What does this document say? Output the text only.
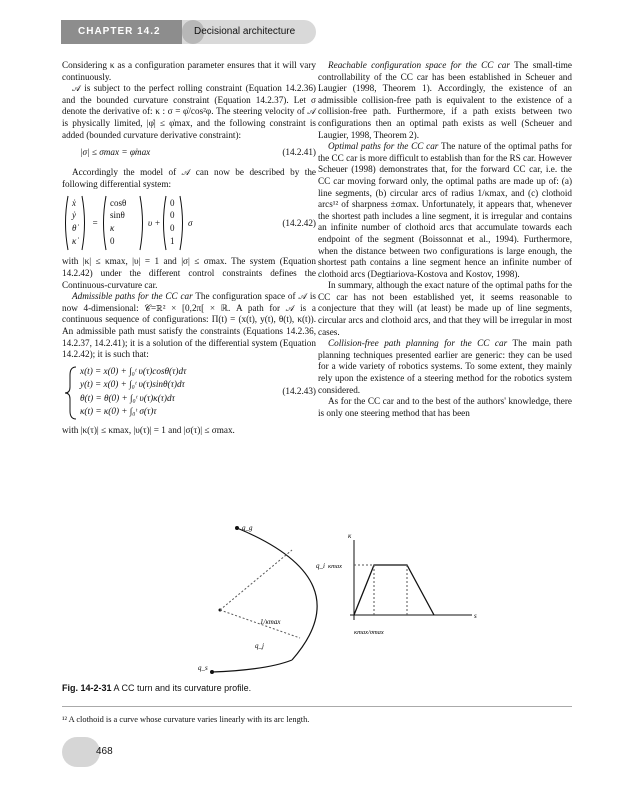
CHAPTER 14.2	Decisional architecture

Considering κ as a configuration parameter ensures that it will vary continuously.

𝒜 is subject to the perfect rolling constraint (Equation 14.2.36) and the bounded curvature constraint (Equation 14.2.37). Let σ denote the derivative of: κ : σ = φ̇/cos²φ. The steering velocity of 𝒜 is physically limited, |φ̇| ≤ φ̇max, and the following constraint is added (bounded curvature derivative constraint):

|σ| ≤ σmax = φ̇max	(14.2.41)

Accordingly the model of 𝒜 can now be described by the following differential system:

ẋ
ẏ
θ̇
κ̇
=
cosθ
sinθ
κ
0
υ +
0
0
0
1
σ	(14.2.42)

with |κ| ≤ κmax, |υ| = 1 and |σ| ≤ σmax. The system (Equation 14.2.42) under the different control constraints defines the Continuous-curvature car.

Admissible paths for the CC car The configuration space of 𝒜 is now 4-dimensional: 𝒞=ℝ² × [0,2π[ × ℝ. A path for 𝒜 is a continuous sequence of configurations: Π(t) = (x(t), y(t), θ(t), κ(t)). An admissible path must satisfy the constraints (Equations 14.2.36, 14.2.37, 14.2.41); it is a solution of the differential system (Equation 14.2.42); it is such that:

x(t) = x(0) + ∫₀ᵗ υ(τ)cosθ(τ)dτ
y(t) = x(0) + ∫₀ᵗ υ(τ)sinθ(τ)dτ
θ(t) = θ(0) + ∫₀ᵗ υ(τ)κ(τ)dτ
κ(t) = κ(0) + ∫₀ᵗ σ(τ)τ
(14.2.43)

with |κ(τ)| ≤ κmax, |υ(τ)| = 1 and |σ(τ)| ≤ σmax.

Reachable configuration space for the CC car The small-time controllability of the CC car has been established in Scheuer and Laugier (1998, Theorem 1). Accordingly, the existence of an admissible collision-free path is equivalent to the existence of a collision-free path. Furthermore, if a path exists between two configurations then an optimal path exists as well (Scheuer and Laugier, 1998, Theorem 2).

Optimal paths for the CC car The nature of the optimal paths for the CC car is more difficult to establish than for the RS car. However Scheuer (1998) demonstrates that, for the forward CC car, i.e. the CC car moving forward only, the optimal paths are made up of: (a) line segments, (b) circular arcs of radius 1/κmax, and (c) clothoid arcs¹² of sharpness ±σmax. Unfortunately, it appears that, whenever the shortest path includes a line segment, it is irregular and contains an infinite number of clothoid arcs that accumulate towards each endpoint of the segment (Boissonnat et al., 1994). Furthermore, when the distance between two configurations is large enough, the shortest path contains a line segment hence an infinite number of clothoid arcs (Degtiariova-Kostova and Kostov, 1998).

In summary, although the exact nature of the optimal paths for the CC car has not been established yet, it seems reasonable to conjecture that they will (at least) be made up of line segments, circular arcs and clothoid arcs, and that they will be irregular in most cases.

Collision-free path planning for the CC car The main path planning techniques presented earlier are generic: they can be used for a wide variety of robotics systems. To some extent, they mainly rely upon the existence of a steering method for the robotics system considered.

As for the CC car and to the best of the authors' knowledge, there is only one steering method that has been

q_g
q_i
q_s
q_j
1/κmax
κ
κmax
s
κmax/σmax
Fig. 14-2-31 A CC turn and its curvature profile.
¹² A clothoid is a curve whose curvature varies linearly with its arc length.
468
